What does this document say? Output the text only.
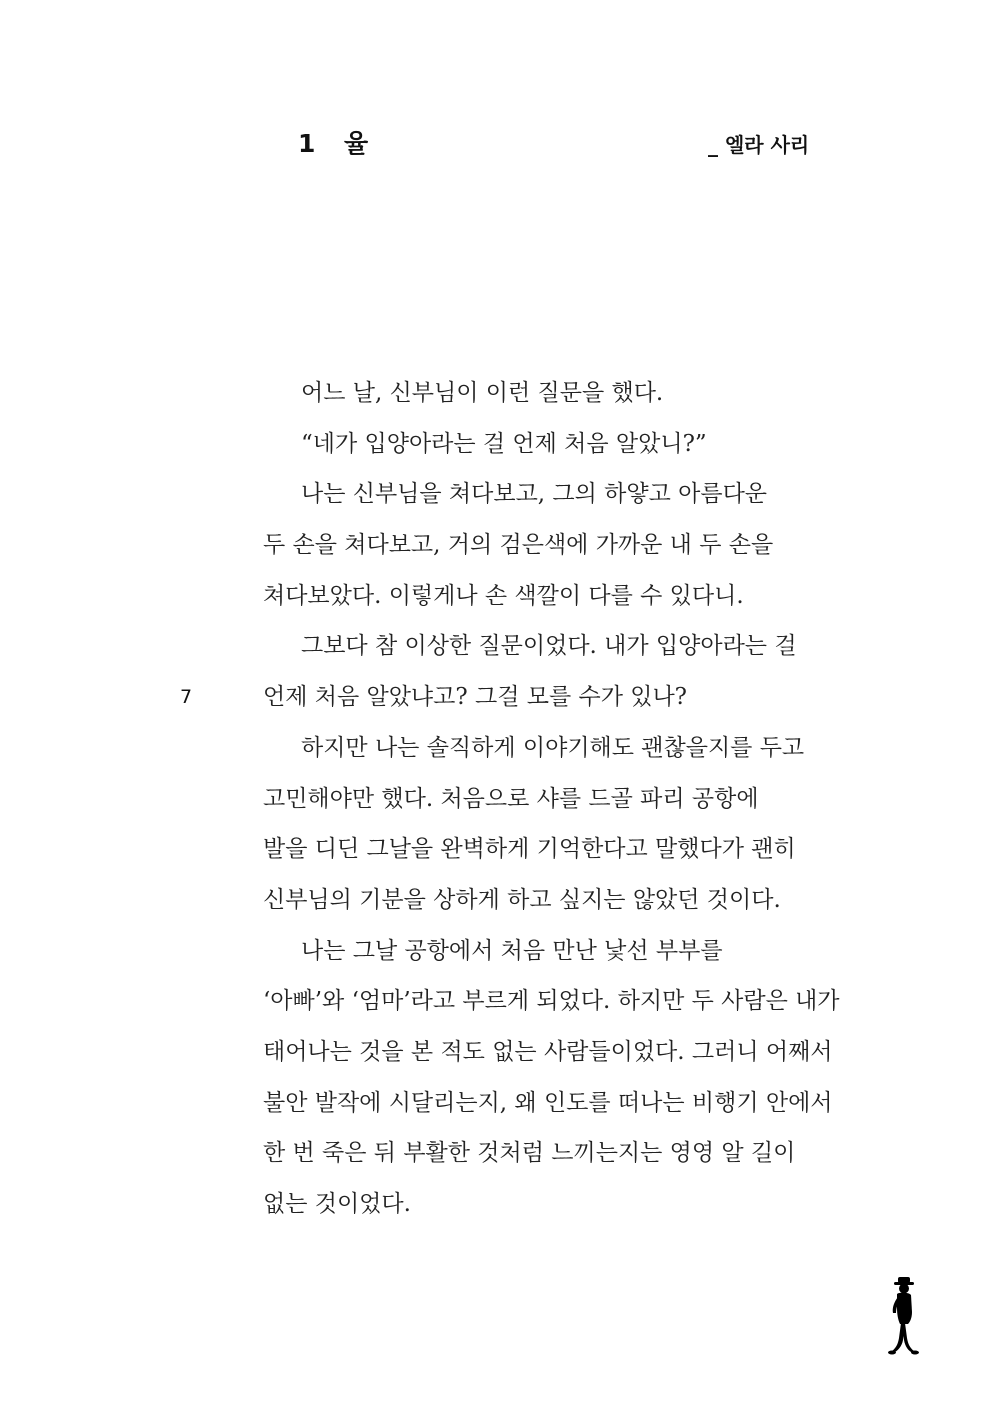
1 율	_ 엘라 사리
7
어느 날, 신부님이 이런 질문을 했다.
“네가 입양아라는 걸 언제 처음 알았니?”
나는 신부님을 쳐다보고, 그의 하얗고 아름다운
두 손을 쳐다보고, 거의 검은색에 가까운 내 두 손을
쳐다보았다. 이렇게나 손 색깔이 다를 수 있다니.
그보다 참 이상한 질문이었다. 내가 입양아라는 걸
언제 처음 알았냐고? 그걸 모를 수가 있나?
하지만 나는 솔직하게 이야기해도 괜찮을지를 두고
고민해야만 했다. 처음으로 샤를 드골 파리 공항에
발을 디딘 그날을 완벽하게 기억한다고 말했다가 괜히
신부님의 기분을 상하게 하고 싶지는 않았던 것이다.
나는 그날 공항에서 처음 만난 낯선 부부를
‘아빠’와 ‘엄마’라고 부르게 되었다. 하지만 두 사람은 내가
태어나는 것을 본 적도 없는 사람들이었다. 그러니 어째서
불안 발작에 시달리는지, 왜 인도를 떠나는 비행기 안에서
한 번 죽은 뒤 부활한 것처럼 느끼는지는 영영 알 길이
없는 것이었다.
